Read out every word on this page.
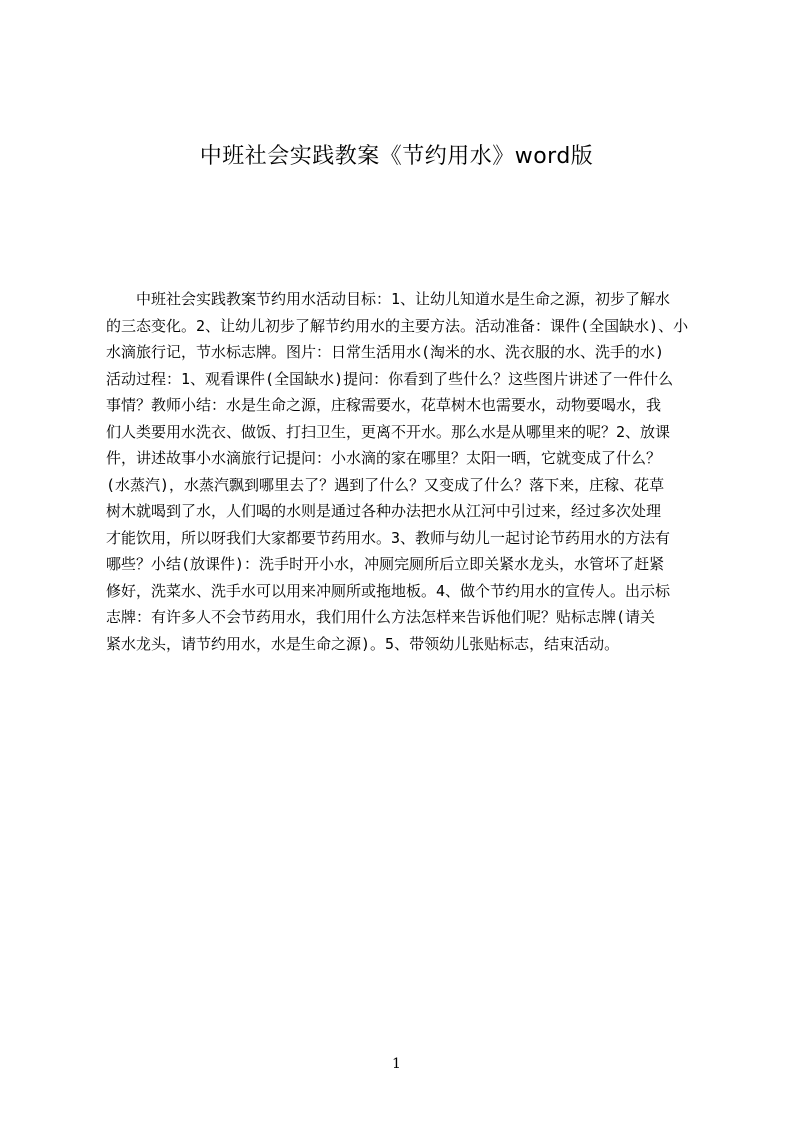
中班社会实践教案《节约用水》word版
　　中班社会实践教案节约用水活动目标：1、让幼儿知道水是生命之源，初步了解水
的三态变化。2、让幼儿初步了解节约用水的主要方法。活动准备：课件(全国缺水)、小
水滴旅行记，节水标志牌。图片：日常生活用水(淘米的水、洗衣服的水、洗手的水)
活动过程：1、观看课件(全国缺水)提问：你看到了些什么？这些图片讲述了一件什么
事情？教师小结：水是生命之源，庄稼需要水，花草树木也需要水，动物要喝水，我
们人类要用水洗衣、做饭、打扫卫生，更离不开水。那么水是从哪里来的呢？2、放课
件，讲述故事小水滴旅行记提问：小水滴的家在哪里？太阳一晒，它就变成了什么？
(水蒸汽)，水蒸汽飘到哪里去了？遇到了什么？又变成了什么？落下来，庄稼、花草
树木就喝到了水，人们喝的水则是通过各种办法把水从江河中引过来，经过多次处理
才能饮用，所以呀我们大家都要节药用水。3、教师与幼儿一起讨论节药用水的方法有
哪些？小结(放课件)：洗手时开小水，冲厕完厕所后立即关紧水龙头，水管坏了赶紧
修好，洗菜水、洗手水可以用来冲厕所或拖地板。4、做个节约用水的宣传人。出示标
志牌：有许多人不会节药用水，我们用什么方法怎样来告诉他们呢？贴标志牌(请关
紧水龙头，请节约用水，水是生命之源)。5、带领幼儿张贴标志，结束活动。
1
